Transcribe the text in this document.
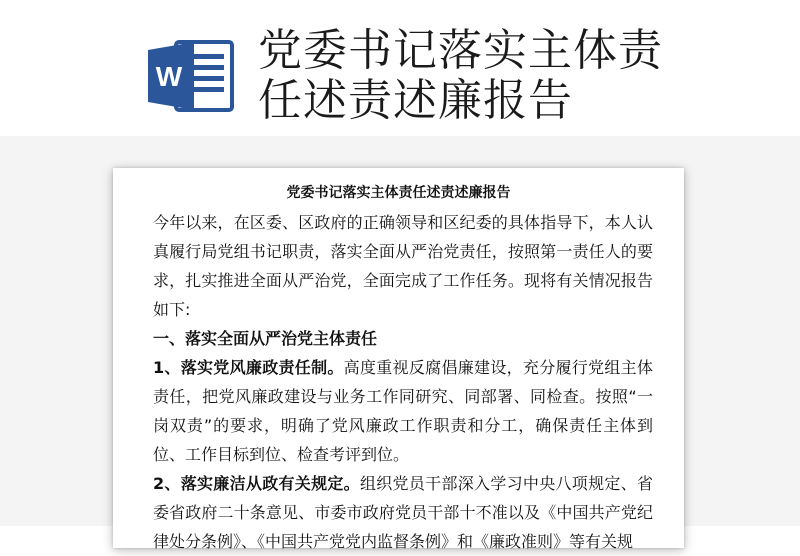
W
党委书记落实主体责任述责述廉报告
党委书记落实主体责任述责述廉报告

今年以来，在区委、区政府的正确领导和区纪委的具体指导下，本人认真履行局党组书记职责，落实全面从严治党责任，按照第一责任人的要求，扎实推进全面从严治党，全面完成了工作任务。现将有关情况报告如下:

一、落实全面从严治党主体责任

1、落实党风廉政责任制。高度重视反腐倡廉建设，充分履行党组主体责任，把党风廉政建设与业务工作同研究、同部署、同检查。按照“一岗双责”的要求，明确了党风廉政工作职责和分工，确保责任主体到位、工作目标到位、检查考评到位。

2、落实廉洁从政有关规定。组织党员干部深入学习中央八项规定、省委省政府二十条意见、市委市政府党员干部十不准以及《中国共产党纪律处分条例》、《中国共产党党内监督条例》和《廉政准则》等有关规
